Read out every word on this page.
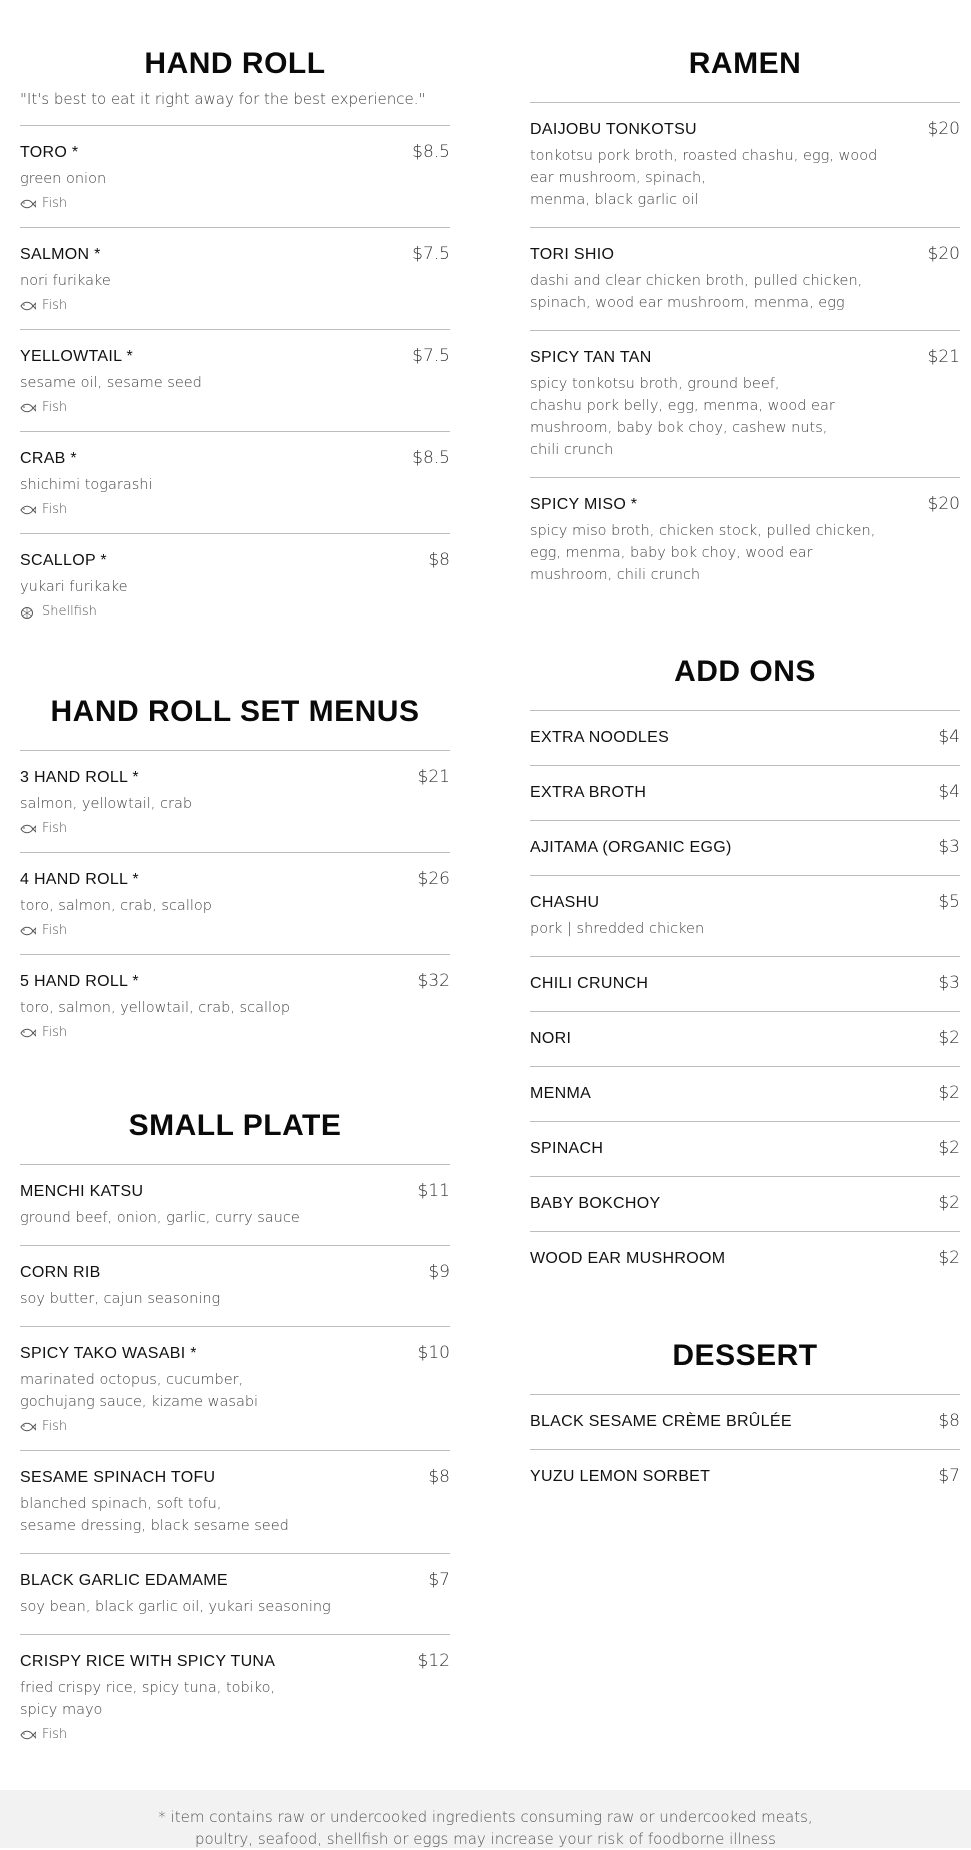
HAND ROLL
"It's best to eat it right away for the best experience."
TORO *	$8.5
green onion
Fish
SALMON *	$7.5
nori furikake
Fish
YELLOWTAIL *	$7.5
sesame oil, sesame seed
Fish
CRAB *	$8.5
shichimi togarashi
Fish
SCALLOP *	$8
yukari furikake
Shellfish
HAND ROLL SET MENUS
3 HAND ROLL *	$21
salmon, yellowtail, crab
Fish
4 HAND ROLL *	$26
toro, salmon, crab, scallop
Fish
5 HAND ROLL *	$32
toro, salmon, yellowtail, crab, scallop
Fish
SMALL PLATE
MENCHI KATSU	$11
ground beef, onion, garlic, curry sauce
CORN RIB	$9
soy butter, cajun seasoning
SPICY TAKO WASABI *	$10
marinated octopus, cucumber,
gochujang sauce, kizame wasabi
Fish
SESAME SPINACH TOFU	$8
blanched spinach, soft tofu,
sesame dressing, black sesame seed
BLACK GARLIC EDAMAME	$7
soy bean, black garlic oil, yukari seasoning
CRISPY RICE WITH SPICY TUNA	$12
fried crispy rice, spicy tuna, tobiko,
spicy mayo
Fish
RAMEN
DAIJOBU TONKOTSU	$20
tonkotsu pork broth, roasted chashu, egg, wood
ear mushroom, spinach,
menma, black garlic oil
TORI SHIO	$20
dashi and clear chicken broth, pulled chicken,
spinach, wood ear mushroom, menma, egg
SPICY TAN TAN	$21
spicy tonkotsu broth, ground beef,
chashu pork belly, egg, menma, wood ear
mushroom, baby bok choy, cashew nuts,
chili crunch
SPICY MISO *	$20
spicy miso broth, chicken stock, pulled chicken,
egg, menma, baby bok choy, wood ear
mushroom, chili crunch
ADD ONS
EXTRA NOODLES	$4
EXTRA BROTH	$4
AJITAMA (ORGANIC EGG)	$3
CHASHU	$5
pork | shredded chicken
CHILI CRUNCH	$3
NORI	$2
MENMA	$2
SPINACH	$2
BABY BOKCHOY	$2
WOOD EAR MUSHROOM	$2
DESSERT
BLACK SESAME CRÈME BRÛLÉE	$8
YUZU LEMON SORBET	$7
* item contains raw or undercooked ingredients consuming raw or undercooked meats,
poultry, seafood, shellfish or eggs may increase your risk of foodborne illness
